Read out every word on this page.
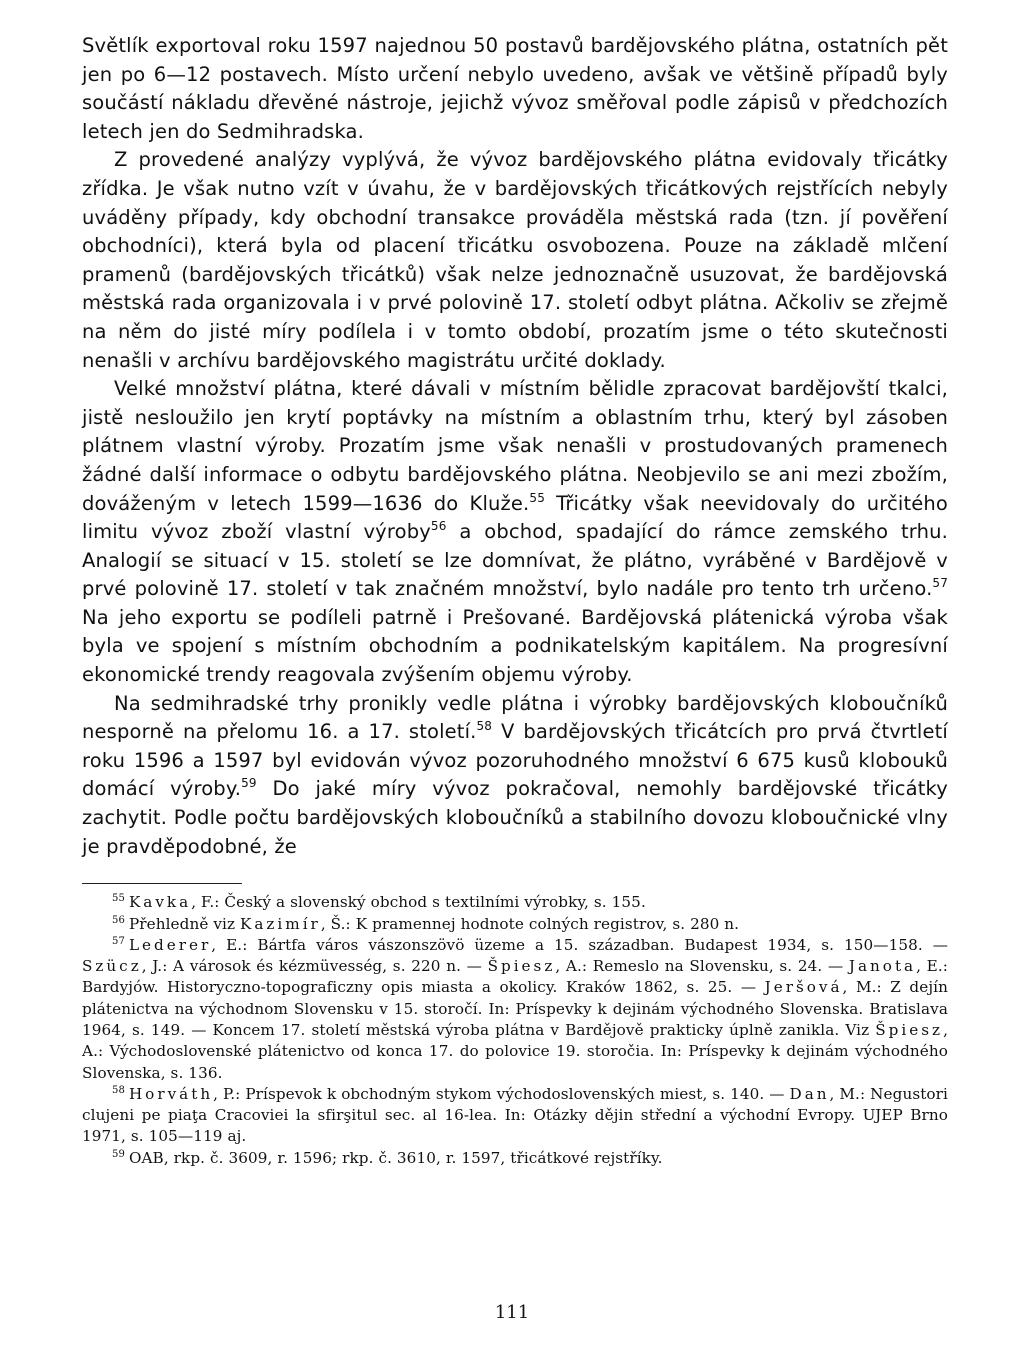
Světlík exportoval roku 1597 najednou 50 postavů bardějovského plátna, ostatních pět jen po 6—12 postavech. Místo určení nebylo uvedeno, avšak ve většině případů byly součástí nákladu dřevěné nástroje, jejichž vývoz směřoval podle zápisů v předchozích letech jen do Sedmihradska.

Z provedené analýzy vyplývá, že vývoz bardějovského plátna evidovaly třicátky zřídka. Je však nutno vzít v úvahu, že v bardějovských třicátkových rejstřících nebyly uváděny případy, kdy obchodní transakce prováděla městská rada (tzn. jí pověření obchodníci), která byla od placení třicátku osvobozena. Pouze na základě mlčení pramenů (bardějovských třicátků) však nelze jednoznačně usuzovat, že bardějovská městská rada organizovala i v prvé polovině 17. století odbyt plátna. Ačkoliv se zřejmě na něm do jisté míry podílela i v tomto období, prozatím jsme o této skutečnosti nenašli v archívu bardějovského magistrátu určité doklady.

Velké množství plátna, které dávali v místním bělidle zpracovat bardějovští tkalci, jistě nesloužilo jen krytí poptávky na místním a oblastním trhu, který byl zásoben plátnem vlastní výroby. Prozatím jsme však nenašli v prostudovaných pramenech žádné další informace o odbytu bardějovského plátna. Neobjevilo se ani mezi zbožím, dováženým v letech 1599—1636 do Kluže.$^{55}$ Třicátky však neevidovaly do určitého limitu vývoz zboží vlastní výroby$^{56}$ a obchod, spadající do rámce zemského trhu. Analogií se situací v 15. století se lze domnívat, že plátno, vyráběné v Bardějově v prvé polovině 17. století v tak značném množství, bylo nadále pro tento trh určeno.$^{57}$ Na jeho exportu se podíleli patrně i Prešované. Bardějovská plátenická výroba však byla ve spojení s místním obchodním a podnikatelským kapitálem. Na progresívní ekonomické trendy reagovala zvýšením objemu výroby.

Na sedmihradské trhy pronikly vedle plátna i výrobky bardějovských kloboučníků nesporně na přelomu 16. a 17. století.$^{58}$ V bardějovských třicátcích pro prvá čtvrtletí roku 1596 a 1597 byl evidován vývoz pozoruhodného množství 6 675 kusů klobouků domácí výroby.$^{59}$ Do jaké míry vývoz pokračoval, nemohly bardějovské třicátky zachytit. Podle počtu bardějovských kloboučníků a stabilního dovozu kloboučnické vlny je pravděpodobné, že

$^{55}$ Kavka, F.: Český a slovenský obchod s textilními výrobky, s. 155.

$^{56}$ Přehledně viz Kazimír, Š.: K pramennej hodnote colných registrov, s. 280 n.

$^{57}$ Lederer, E.: Bártfa város vászonszövö üzeme a 15. században. Budapest 1934, s. 150—158. — Szücz, J.: A városok és kézmüvesség, s. 220 n. — Špiesz, A.: Remeslo na Slovensku, s. 24. — Janota, E.: Bardyjów. Historyczno-topograficzny opis miasta a okolicy. Kraków 1862, s. 25. — Jeršová, M.: Z dejín plátenictva na východnom Slovensku v 15. storočí. In: Príspevky k dejinám východného Slovenska. Bratislava 1964, s. 149. — Koncem 17. století městská výroba plátna v Bardějově prakticky úplně zanikla. Viz Špiesz, A.: Východoslovenské plátenictvo od konca 17. do polovice 19. storočia. In: Príspevky k dejinám východného Slovenska, s. 136.

$^{58}$ Horváth, P.: Príspevok k obchodným stykom východoslovenských miest, s. 140. — Dan, M.: Negustori clujeni pe piaţa Cracoviei la sfirşitul sec. al 16-lea. In: Otázky dějin střední a východní Evropy. UJEP Brno 1971, s. 105—119 aj.

$^{59}$ OAB, rkp. č. 3609, r. 1596; rkp. č. 3610, r. 1597, třicátkové rejstříky.

111
